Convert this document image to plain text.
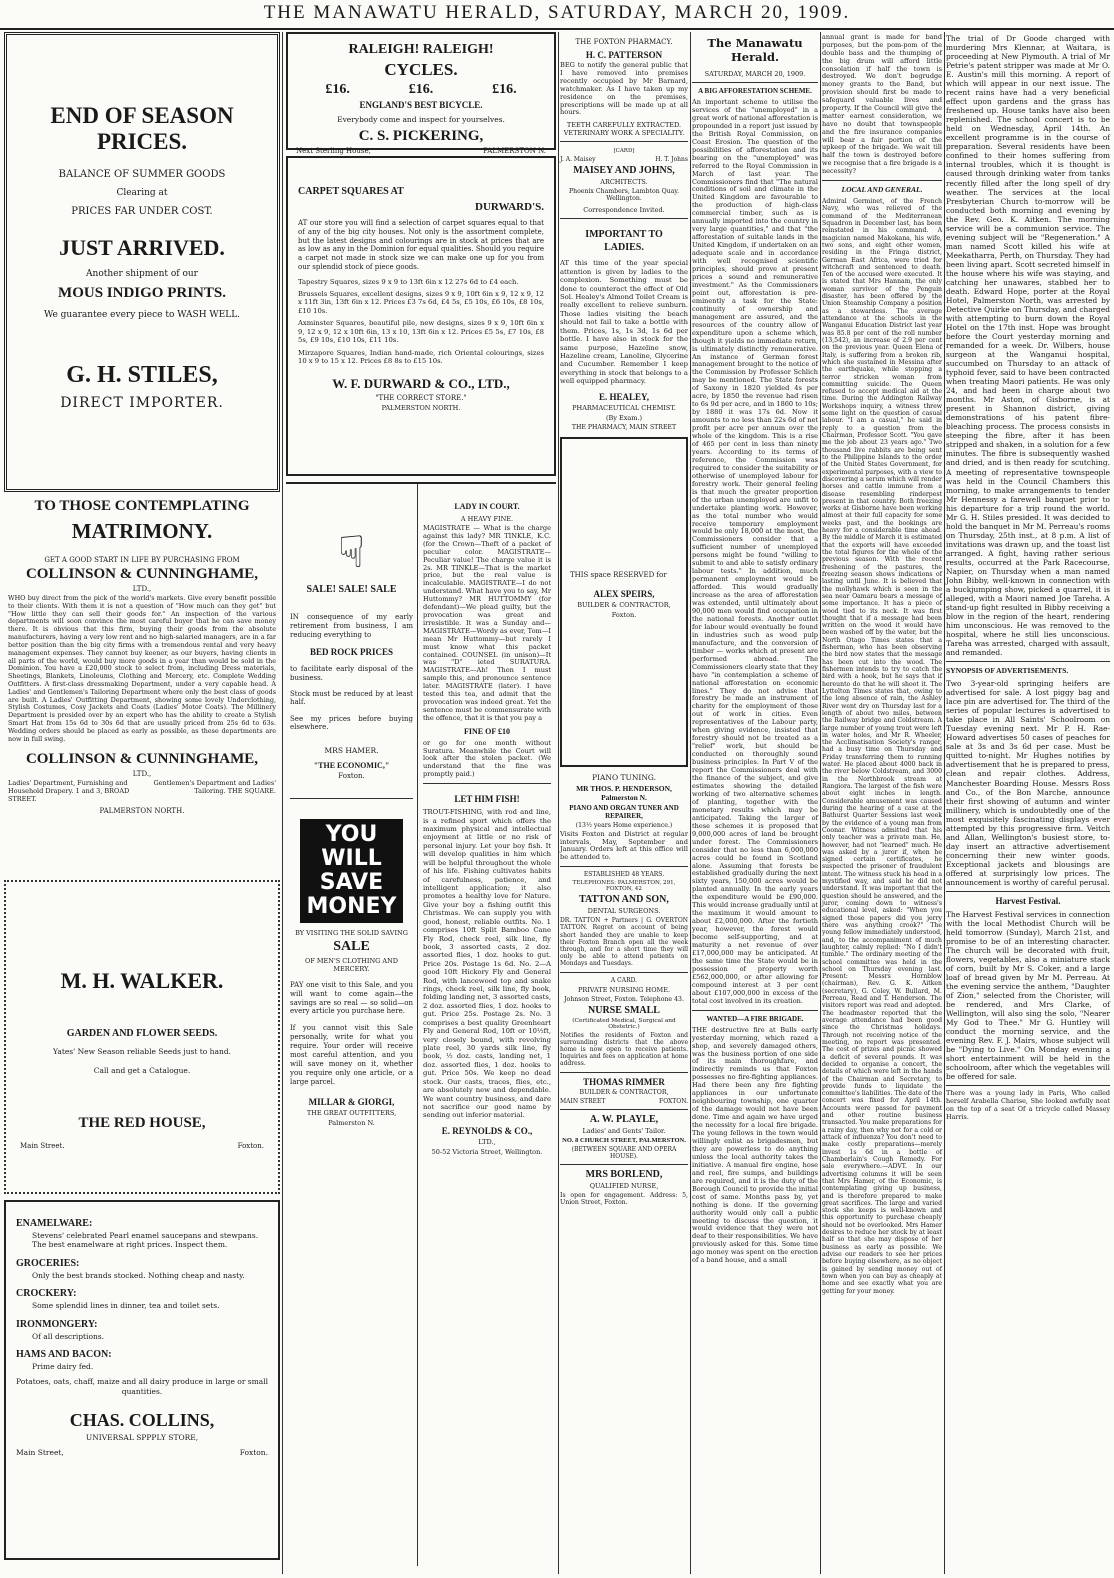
THE MANAWATU HERALD, SATURDAY, MARCH 20, 1909.

END OF SEASON PRICES.

BALANCE OF SUMMER GOODS

Clearing at

PRICES FAR UNDER COST.

JUST ARRIVED.

Another shipment of our

MOUS INDIGO PRINTS.

We guarantee every piece to WASH WELL.

G. H. STILES,

DIRECT IMPORTER.

TO THOSE CONTEMPLATING

MATRIMONY.

GET A GOOD START IN LIFE BY PURCHASING FROM

COLLINSON & CUNNINGHAME,

LTD.,

WHO buy direct from the pick of the world's markets. Give every benefit possible to their clients. With them it is not a question of "How much can they get" but "How little they can sell their goods for." An inspection of the various departments will soon convince the most careful buyer that he can save money there. It is obvious that this firm, buying their goods from the absolute manufacturers, having a very low rent and no high-salaried managers, are in a far better position than the big city firms with a tremendous rental and very heavy management expenses. They cannot buy keener, as our buyers, having clients in all parts of the world, would buy more goods in a year than would be sold in the Dominion. You have a £20,000 stock to select from, including Dress materials, Sheetings, Blankets, Linoleums, Clothing and Mercery, etc. Complete Wedding Outfitters. A first-class dressmaking Department, under a very capable head. A Ladies' and Gentlemen's Tailoring Department where only the best class of goods are built. A Ladies' Outfitting Department, showing some lovely Underclothing, Stylish Costumes, Cosy Jackets and Coats (Ladies' Motor Coats). The Millinery Department is presided over by an expert who has the ability to create a Stylish Smart Hat from 15s 6d to 30s 6d that are usually priced from 25s 6d to 63s. Wedding orders should be placed as early as possible, as these departments are now in full swing.

COLLINSON & CUNNINGHAME,

LTD.,

Ladies' Department, Furnishing and Household Drapery. 1 and 3, BROAD STREET.
Gentlemen's Department and Ladies' Tailoring. THE SQUARE.

PALMERSTON NORTH.

M. H. WALKER.

GARDEN AND FLOWER SEEDS.

Yates' New Season reliable Seeds just to hand.

Call and get a Catalogue.

THE RED HOUSE,

Main Street.	Foxton.

ENAMELWARE:

Stevens' celebrated Pearl enamel saucepans and stewpans. The best enamelware at right prices. Inspect them.

GROCERIES:

Only the best brands stocked. Nothing cheap and nasty.

CROCKERY:

Some splendid lines in dinner, tea and toilet sets.

IRONMONGERY:

Of all descriptions.

HAMS AND BACON:

Prime dairy fed.

Potatoes, oats, chaff, maize and all dairy produce in large or small quantities.

CHAS. COLLINS,

UNIVERSAL SPPPLY STORE,

Main Street,	Foxton.

RALEIGH! RALEIGH!

CYCLES.

£16.	£16.	£16.

ENGLAND'S BEST BICYCLE.

Everybody come and inspect for yourselves.

C. S. PICKERING,

Next Sterling House,	PALMERSTON N.

CARPET SQUARES AT

DURWARD'S.

AT our store you will find a selection of carpet squares equal to that of any of the big city houses. Not only is the assortment complete, but the latest designs and colourings are in stock at prices that are as low as any in the Dominion for equal qualities. Should you require a carpet not made in stock size we can make one up for you from our splendid stock of piece goods.

Tapestry Squares, sizes 9 x 9 to 13ft 6in x 12 27s 6d to £4 each.

Brussels Squares, excellent designs, sizes 9 x 9, 10ft 6in x 9, 12 x 9, 12 x 11ft 3in, 13ft 6in x 12. Prices £3 7s 6d, £4 5s, £5 10s, £6 10s, £8 10s, £10 10s.

Axminster Squares, beautiful pile, new designs, sizes 9 x 9, 10ft 6in x 9, 12 x 9, 12 x 10ft 6in, 13 x 10, 13ft 6in x 12. Prices £5 5s, £7 10s, £8 5s, £9 10s, £10 10s, £11 10s.

Mirzapore Squares, Indian hand-made, rich Oriental colourings, sizes 10 x 9 to 15 x 12. Prices £8 8s to £15 10s.

W. F. DURWARD & CO., LTD.,

"THE CORRECT STORE."

PALMERSTON NORTH.

☟

SALE! SALE! SALE

IN consequence of my early retirement from business, I am reducing everything to

BED ROCK PRICES

to facilitate early disposal of the business.

Stock must be reduced by at least half.

See my prices before buying elsewhere.

MRS HAMER.

"THE ECONOMIC,"

Foxton.

YOU
WILL
SAVE
MONEY

BY VISITING THE SOLID SAVING

SALE

OF MEN'S CLOTHING AND MERCERY.

PAY one visit to this Sale, and you will want to come again—the savings are so real — so solid—on every article you purchase here.

If you cannot visit this Sale personally, write for what you require. Your order will receive most careful attention, and you will save money on it, whether you require only one article, or a large parcel.

MILLAR & GIORGI,

THE GREAT OUTFITTERS,

Palmerston N.

LADY IN COURT.

A HEAVY FINE.

MAGISTRATE — What is the charge against this lady? MR TINKLE, K.C. (for the Crown—Theft of a packet of peculiar color. MAGISTRATE—Peculiar value! The charge value it is 2s. MR TINKLE—That is the market price, but the real value is incalculable. MAGISTRATE—I do not understand. What have you to say, Mr Huttommy? MR HUTTOMMY (for defendant)—We plead guilty, but the provocation was great and irresistible. It was a Sunday and— MAGISTRATE—Wordy as ever, Tom—I mean Mr Huttommy—but rarely I must know what this packet contained. COUNSEL (in unison)—It was "D" ieted SURATURA. MAGISTRATE—Ah! Then I must sample this, and pronounce sentence later. MAGISTRATE (later). I have tested this tea, and admit that the provocation was indeed great. Yet the sentence must be commensurate with the offence, that it is that you pay a

FINE OF £10

or go for one month without Suratura. Meanwhile the Court will look after the stolen packet. (We understand that the fine was promptly paid.)

LET HIM FISH!

TROUT-FISHING, with rod and line, is a refined sport which offers the maximum physical and intellectual enjoyment at little or no risk of personal injury. Let your boy fish. It will develop qualities in him which will be helpful throughout the whole of his life. Fishing cultivates habits of carefulness, patience, and intelligent application; it also promotes a healthy love for Nature. Give your boy a fishing outfit this Christmas. We can supply you with good, honest, reliable outfits. No. 1 comprises 10ft Split Bamboo Cane Fly Rod, check reel, silk line, fly book, 3 assorted casts, 2 doz. assorted flies, 1 doz. hooks to gut. Price 20s. Postage 1s 6d. No. 2—A good 10ft Hickory Fly and General Rod, with lancewood top and snake rings, check reel, silk line, fly book, folding landing net, 3 assorted casts, 2 doz. assorted flies, 1 doz. hooks to gut. Price 25s. Postage 2s. No. 3 comprises a best quality Greenheart Fly and General Rod, 10ft or 10½ft, very closely bound, with revolving plate reel, 30 yards silk line, fly book, ½ doz. casts, landing net, 1 doz. assorted flies, 1 doz. hooks to gut. Price 50s. We keep no dead stock. Our casts, traces, flies, etc., are absolutely new and dependable. We want country business, and dare not sacrifice our good name by sending out inferior material.

E. REYNOLDS & CO.,

LTD.,

50-52 Victoria Street, Wellington.

THE FOXTON PHARMACY.

H. C. PATTERSON

BEG to notify the general public that I have removed into premises recently occupied by Mr Barnard, watchmaker. As I have taken up my residence on the premises, prescriptions will be made up at all hours.

TEETH CAREFULLY EXTRACTED. VETERINARY WORK A SPECIALITY.

[CARD]

J. A. Maisey	H. T. Johns

MAISEY AND JOHNS,

ARCHITECTS.

Phoenix Chambers, Lambton Quay. Wellington.

Correspondence Invited.

IMPORTANT TO

LADIES.

AT this time of the year special attention is given by ladies to the complexion. Something must be done to counteract the effect of Old Sol. Healey's Almond Toilet Cream is really excellent to relieve sunburn. Those ladies visiting the beach should not fail to take a bottle with them. Prices, 1s, 1s 3d, 1s 6d per bottle. I have also in stock for the same purpose, Hazeline snow, Hazeline cream, Lanoline, Glycerine and Cucumber. Remember I keep everything in stock that belongs to a well equipped pharmacy.

E. HEALEY,

PHARMACEUTICAL CHEMIST.

(By Exam.)

THE PHARMACY, MAIN STREET

THIS space RESERVED for

ALEX SPEIRS,

BUILDER & CONTRACTOR,

Foxton.

PIANO TUNING.

MR THOS. P. HENDERSON, Palmerston N.

PIANO AND ORGAN TUNER AND REPAIRER,

(13½ years Home experience.)

Visits Foxton and District at regular intervals, May, September and January. Orders left at this office will be attended to.

ESTABLISHED 48 YEARS.

TELEPHONES: PALMERSTON, 291, FOXTON, 42

TATTON AND SON,

DENTAL SURGEONS.

DR. TATTON + Partners | G. OVERTON TATTON. Regret on account of being short handed they are unable to keep their Foxton Branch open all the week through, and for a short time they will only be able to attend patients on Mondays and Tuesdays.

A CARD.

PRIVATE NURSING HOME.

Johnson Street, Foxton. Telephone 43.

NURSE SMALL

(Certificated Medical, Surgical and Obstetric.)

Notifies the residents of Foxton and surrounding districts that the above home is now open to receive patients. Inquiries and fees on application at home address.

THOMAS RIMMER

BUILDER & CONTRACTOR,

MAIN STREET	FOXTON.

A. W. PLAYLE,

Ladies' and Gents' Tailor.

NO. 8 CHURCH STREET, PALMERSTON.

(BETWEEN SQUARE AND OPERA HOUSE).

MRS BORLEND,

QUALIFIED NURSE,

Is open for engagement. Address: 5, Union Street, Foxton.

The Manawatu Herald.

SATURDAY, MARCH 20, 1909.

A BIG AFFORESTATION SCHEME.

An important scheme to utilise the services of the "unemployed" in a great work of national afforestation is propounded in a report just issued by the British Royal Commission, on Coast Erosion. The question of the possibilities of afforestation and its bearing on the "unemployed" was referred to the Royal Commission in March of last year. The Commissioners find that "The natural conditions of soil and climate in the United Kingdom are favourable to the production of high-class commercial timber, such as is annually imported into the country in very large quantities," and that "the afforestation of suitable lands in the United Kingdom, if undertaken on an adequate scale and in accordance with well recognised scientific principles, should prove at present prices a sound and remunerative investment." As the Commissioners point out, afforestation is pre-eminently a task for the State: continuity of ownership and management are assured, and the resources of the country allow of expenditure upon a scheme which, though it yields no immediate return, is ultimately distinctly remunerative. An instance of German forest management brought to the notice of the Commission by Professor Schlich may be mentioned. The State forests of Saxony in 1820 yielded 4s per acre, by 1850 the revenue had risen to 6s 9d per acre, and in 1860 to 10s; by 1880 it was 17s 6d. Now it amounts to no less than 22s 6d of net profit per acre per annum over the whole of the kingdom. This is a rise of 465 per cent in less than ninety years. According to its terms of reference, the Commission was required to consider the suitability or otherwise of unemployed labour for forestry work. Their general feeling is that much the greater proportion of the urban unemployed are unfit to undertake planting work. However, as the total number who would receive temporary employment would be only 18,000 at the most, the Commissioners consider that a sufficient number of unemployed persons might be found "willing to submit to and able to satisfy ordinary labour tests." In addition, much permanent employment would be afforded. This would gradually increase as the area of afforestation was extended, until ultimately about 90,000 men would find occupation in the national forests. Another outlet for labour would eventually be found in industries such as wood pulp manufacture, and the conversion of timber — works which at present are performed abroad. The Commissioners clearly state that they have "in contemplation a scheme of national afforestation on economic lines." They do not advise that forestry be made an instrument of charity for the employment of those out of work in cities. Even representatives of the Labour party, when giving evidence, insisted that forestry should not be treated as a "relief" work, but should be conducted on thoroughly sound business principles. In Part V of the report the Commissioners deal with the finance of the subject, and give estimates showing the detailed working of two alternative schemes of planting, together with the monetary results which may be anticipated. Taking the larger of these schemes it is proposed that 9,000,000 acres of land be brought under forest. The Commissioners consider that no less than 6,000,000 acres could be found in Scotland alone. Assuming that forests be established gradually during the next sixty years, 150,000 acres would be planted annually. In the early years the expenditure would be £90,000. This would increase gradually until at the maximum it would amount to about £2,000,000. After the fortieth year, however, the forest would become self-supporting, and at maturity a net revenue of over £17,000,000 may be anticipated. At the same time the State would be in possession of property worth £562,000,000, or after allowing for compound interest at 3 per cent about £107,000,000 in excess of the total cost involved in its creation.

WANTED—A FIRE BRIGADE.

THE destructive fire at Bulls early yesterday morning, which razed a shop, and severely damaged others, was the business portion of one side of its main thoroughfare, and indirectly reminds us that Foxton possesses no fire-fighting appliances. Had there been any fire fighting appliances in our unfortunate neighbouring township, one quarter of the damage would not have been done. Time and again we have urged the necessity for a local fire brigade. The young fellows in the town would willingly enlist as brigadesmen, but they are powerless to do anything unless the local authority takes the initiative. A manual fire engine, hose and reel, fire sumps, and buildings are required, and it is the duty of the Borough Council to provide the initial cost of same. Months pass by, yet nothing is done. If the governing authority would only call a public meeting to discuss the question, it would evidence that they were not deaf to their responsibilities. We have previously asked for this. Some time ago money was spent on the erection of a band house, and a small

annual grant is made for band purposes, but the pom-pom of the double bass and the thumping of the big drum will afford little consolation if half the town is destroyed. We don't begrudge money grants to the Band, but provision should first be made to safeguard valuable lives and property. If the Council will give the matter earnest consideration, we have no doubt that townspeople and the fire insurance companies will bear a fair portion of the upkeep of the brigade. We wait till half the town is destroyed before we recognise that a fire brigade is a necessity?

LOCAL AND GENERAL.

Admiral Germinet, of the French Navy, who was relieved of the command of the Mediterranean Squadron in December last, has been reinstated in his command. A magician named Makokana, his wife, two sons, and eight other women, residing in the Fringa district, German East Africa, were tried for witchcraft and sentenced to death. Ten of the accused were executed. It is stated that Mrs Hannam, the only woman survivor of the Penguin disaster, has been offered by the Union Steamship Company a position as a stewardess. The average attendance at the schools in the Wanganui Education District last year was 85.8 per cent of the roll number (13,542), an increase of 2.9 per cent on the previous year. Queen Elena of Italy, is suffering from a broken rib, which she sustained in Messina after the earthquake, while stopping a terror stricken woman from committing suicide. The Queen refused to accept medical aid at the time. During the Addington Railway Workshops inquiry, a witness threw some light on the question of casual labour. "I am a casual," he said in reply to a question from the Chairman, Professor Scott. "You gave me the job about 23 years ago." Two thousand live rabbits are being sent to the Philippine Islands to the order of the United States Government, for experimental purposes, with a view to discovering a serum which will render horses and cattle immune from a disease resembling rinderpest present in that country. Both freezing works at Gisborne have been working almost at their full capacity for some weeks past, and the bookings are heavy for a considerable time ahead. By the middle of March it is estimated that the exports will have exceeded the total figures for the whole of the previous season. With the recent freshening of the pastures, the freezing season shows indications of lasting until June. It is believed that the mollyhawk which is seen in the sea near Oamaru bears a message of some importance. It has a piece of wood tied to its neck. It was first thought that if a message had been written on the wood it would have been washed off by the water, but the North Otago Times states that a fisherman, who has been observing the bird now states that the message has been cut into the wood. The fishermen intends to try to catch the bird with a hook, but he says that if hereunto do that he will shoot it. The Lyttelton Times states that, owing to the long absence of rain, the Ashley River went dry on Thursday last for a length of about two miles, between the Railway bridge and Coldstream. A large number of young trout were left in water holes, and Mr R. Wheeler, the Acclimatisation Society's ranger, had a busy time on Thursday and Friday transferring them to running water. He placed about 4000 back in the river below Coldstream, and 3000 in the Northbrook stream at Rangiora. The largest of the fish were about eight inches in length. Considerable amusement was caused during the hearing of a case at the Bathurst Quarter Sessions last week by the evidence of a young man from Coonar. Witness admitted that his only teacher was a private man. He, however, had not "learned" much. He was asked by a juror if, when he signed certain certificates, he suspected the prisoner of fraudulent intent. The witness stuck his head in a mystified way, and said he did not understand. It was important that the question should be answered, and the juror, coming down to witness's educational level, asked: "When you signed those papers did you jerry there was anything crook?" The young fellow immediately understood, and, to the accompaniment of much laughter, calmly replied: "No I didn't tumble." The ordinary meeting of the school committee was held in the school on Thursday evening last. Present: Messrs Hornblow (chairman), Rev. G. K. Aitken (secretary), G. Coley, W. Bullard, M. Perreau, Read and T. Henderson. The visitors report was read and adopted. The headmaster reported that the average attendance had been good since the Christmas holidays. Through not receiving notice of the meeting, no report was presented. The cost of prizes and picnic showed a deficit of several pounds. It was decided to organise a concert, the details of which were left in the hands of the Chairman and Secretary, to provide funds to liquidate the committee's liabilities. The date of the concert was fixed for April 14th. Accounts were passed for payment and other routine business transacted. You make preparations for a rainy day, then why not for a cold or attack of influenza? You don't need to make costly preparations—merely invest 1s 6d in a bottle of Chamberlain's Cough Remedy. For sale everywhere.—ADVT. In our advertising columns it will be seen that Mrs Hamer, of the Economic, is contemplating giving up business, and is therefore prepared to make great sacrifices. The large and varied stock she keeps is well-known and this opportunity to purchase cheaply should not be overlooked. Mrs Hamer desires to reduce her stock by at least half so that she may dispose of her business as early as possible. We advise our readers to see her prices before buying elsewhere, as no object is gained by sending money out of town when you can buy as cheaply at home and see exactly what you are getting for your money.

The trial of Dr Goode charged with murdering Mrs Klennar, at Waitara, is proceeding at New Plymouth. A trial of Mr Petrie's patent stripper was made at Mr O. E. Austin's mill this morning. A report of which will appear in our next issue. The recent rains have had a very beneficial effect upon gardens and the grass has freshened up. House tanks have also been replenished. The school concert is to be held on Wednesday, April 14th. An excellent programme is in the course of preparation. Several residents have been confined to their homes suffering from internal troubles, which it is thought is caused through drinking water from tanks recently filled after the long spell of dry weather. The services at the local Presbyterian Church to-morrow will be conducted both morning and evening by the Rev. Geo. K. Aitken. The morning service will be a communion service. The evening subject will be "Regeneration." A man named Scott killed his wife at Meekatharra, Perth, on Thursday. They had been living apart. Scott secreted himself in the house where his wife was staying, and catching her unawares, stabbed her to death. Edward Hope, porter at the Royal Hotel, Palmerston North, was arrested by Detective Quirke on Thursday, and charged with attempting to burn down the Royal Hotel on the 17th inst. Hope was brought before the Court yesterday morning and remanded for a week. Dr. Wilbers, house surgeon at the Wanganui hospital, succumbed on Thursday to an attack of typhoid fever, said to have been contracted when treating Maori patients. He was only 24, and had been in charge about two months. Mr Aston, of Gisborne, is at present in Shannon district, giving demonstrations of his patent fibre-bleaching process. The process consists in steeping the fibre, after it has been stripped and shaken, in a solution for a few minutes. The fibre is subsequently washed and dried, and is then ready for scutching. A meeting of representative townspeople was held in the Council Chambers this morning, to make arrangements to tender Mr Hennessy a farewell banquet prior to his departure for a trip round the world. Mr G. H. Stiles presided. It was decided to hold the banquet in Mr M. Perreau's rooms on Thursday, 25th inst., at 8 p.m. A list of invitations was drawn up, and the toast list arranged. A fight, having rather serious results, occurred at the Park Racecourse, Napier, on Thursday when a man named John Bibby, well-known in connection with a buckjumping show, picked a quarrel, it is alleged, with a Maori named Joe Tareha. A stand-up fight resulted in Bibby receiving a blow in the region of the heart, rendering him unconscious. He was removed to the hospital, where he still lies unconscious. Tareha was arrested, charged with assault, and remanded.

SYNOPSIS OF ADVERTISEMENTS.

Two 3-year-old springing heifers are advertised for sale. A lost piggy bag and lace pin are advertised for. The third of the series of popular lectures is advertised to take place in All Saints' Schoolroom on Tuesday evening next. Mr P. H. Rae-Howard advertises 50 cases of peaches for sale at 3s and 3s 6d per case. Must be quitted to-night. Mr Hughes notifies by advertisement that he is prepared to press, clean and repair clothes. Address, Manchester Boarding House. Messrs Ross and Co., of the Bon Marche, announce their first showing of autumn and winter millinery, which is undoubtedly one of the most exquisitely fascinating displays ever attempted by this progressive firm. Veitch and Allan, Wellington's busiest store, to-day insert an attractive advertisement concerning their new winter goods. Exceptional jackets and blousings are offered at surprisingly low prices. The announcement is worthy of careful perusal.

Harvest Festival.

The Harvest Festival services in connection with the local Methodist Church will be held tomorrow (Sunday), March 21st, and promise to be of an interesting character. The church will be decorated with fruit, flowers, vegetables, also a miniature stack of corn, built by Mr S. Coker, and a large loaf of bread given by Mr M. Perreau. At the evening service the anthem, "Daughter of Zion," selected from the Chorister, will be rendered, and Mrs Clarke, of Wellington, will also sing the solo, "Nearer My God to Thee." Mr G. Huntley will conduct the morning service, and the evening Rev. F. J. Mairs, whose subject will be "Dying to Live." On Monday evening a short entertainment will be held in the schoolroom, after which the vegetables will be offered for sale.

There was a young lady in Paris, Who called herself Arabella Charise, She looked awfully neat on the top of a seat Of a tricycle called Massey Harris.
